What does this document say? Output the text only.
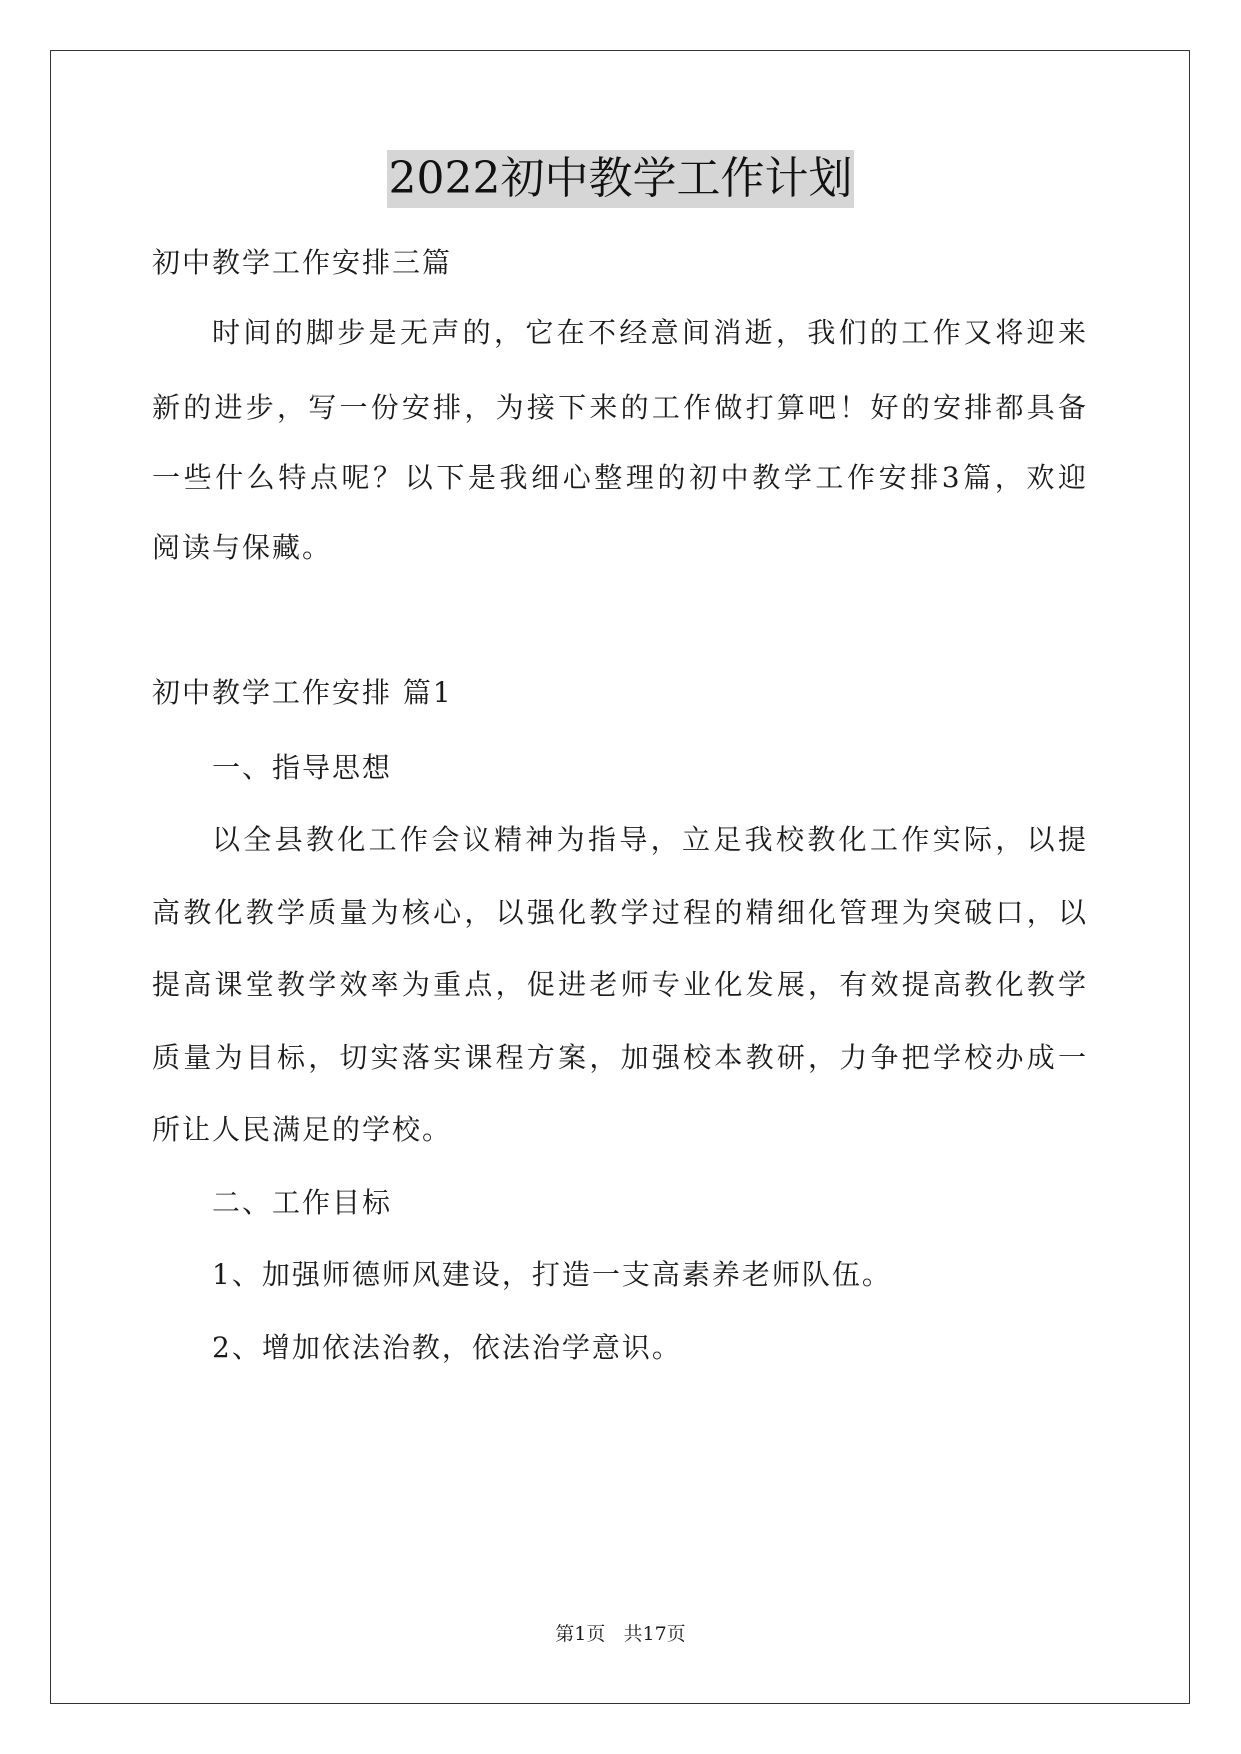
2022初中教学工作计划
初中教学工作安排三篇
时间的脚步是无声的，它在不经意间消逝，我们的工作又将迎来
新的进步，写一份安排，为接下来的工作做打算吧！好的安排都具备
一些什么特点呢？以下是我细心整理的初中教学工作安排3篇，欢迎
阅读与保藏。
初中教学工作安排 篇1
一、指导思想
以全县教化工作会议精神为指导，立足我校教化工作实际，以提
高教化教学质量为核心，以强化教学过程的精细化管理为突破口，以
提高课堂教学效率为重点，促进老师专业化发展，有效提高教化教学
质量为目标，切实落实课程方案，加强校本教研，力争把学校办成一
所让人民满足的学校。
二、工作目标
1、加强师德师风建设，打造一支高素养老师队伍。
2、增加依法治教，依法治学意识。
第1页   共17页
